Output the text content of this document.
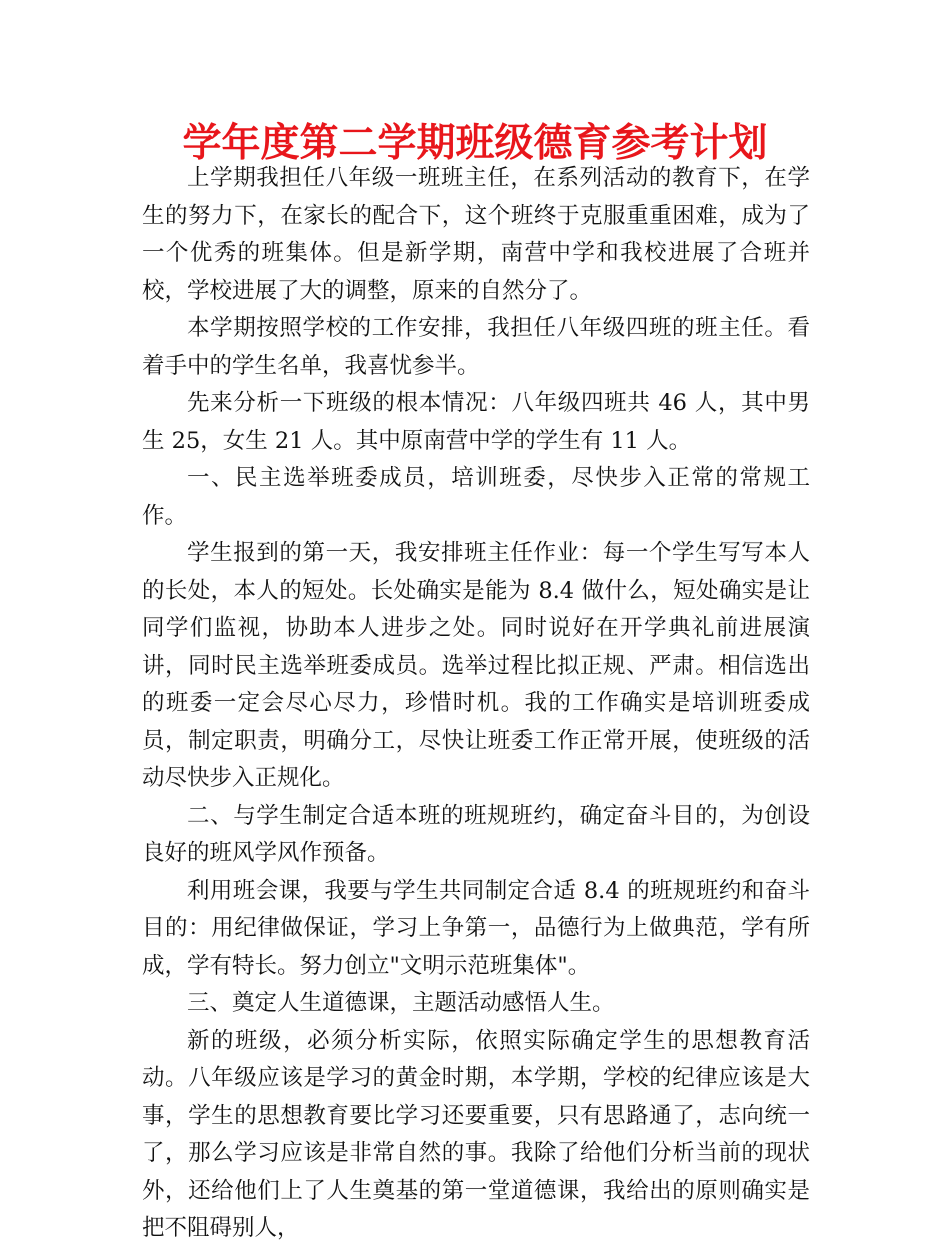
学年度第二学期班级德育参考计划

上学期我担任八年级一班班主任，在系列活动的教育下，在学生的努力下，在家长的配合下，这个班终于克服重重困难，成为了一个优秀的班集体。但是新学期，南营中学和我校进展了合班并校，学校进展了大的调整，原来的自然分了。

本学期按照学校的工作安排，我担任八年级四班的班主任。看着手中的学生名单，我喜忧参半。

先来分析一下班级的根本情况：八年级四班共 46 人，其中男生 25，女生 21 人。其中原南营中学的学生有 11 人。

一、民主选举班委成员，培训班委，尽快步入正常的常规工作。

学生报到的第一天，我安排班主任作业：每一个学生写写本人的长处，本人的短处。长处确实是能为 8.4 做什么，短处确实是让同学们监视，协助本人进步之处。同时说好在开学典礼前进展演讲，同时民主选举班委成员。选举过程比拟正规、严肃。相信选出的班委一定会尽心尽力，珍惜时机。我的工作确实是培训班委成员，制定职责，明确分工，尽快让班委工作正常开展，使班级的活动尽快步入正规化。

二、与学生制定合适本班的班规班约，确定奋斗目的，为创设良好的班风学风作预备。

利用班会课，我要与学生共同制定合适 8.4 的班规班约和奋斗目的：用纪律做保证，学习上争第一，品德行为上做典范，学有所成，学有特长。努力创立"文明示范班集体"。

三、奠定人生道德课，主题活动感悟人生。

新的班级，必须分析实际，依照实际确定学生的思想教育活动。八年级应该是学习的黄金时期，本学期，学校的纪律应该是大事，学生的思想教育要比学习还要重要，只有思路通了，志向统一了，那么学习应该是非常自然的事。我除了给他们分析当前的现状外，还给他们上了人生奠基的第一堂道德课，我给出的原则确实是把不阻碍别人，
